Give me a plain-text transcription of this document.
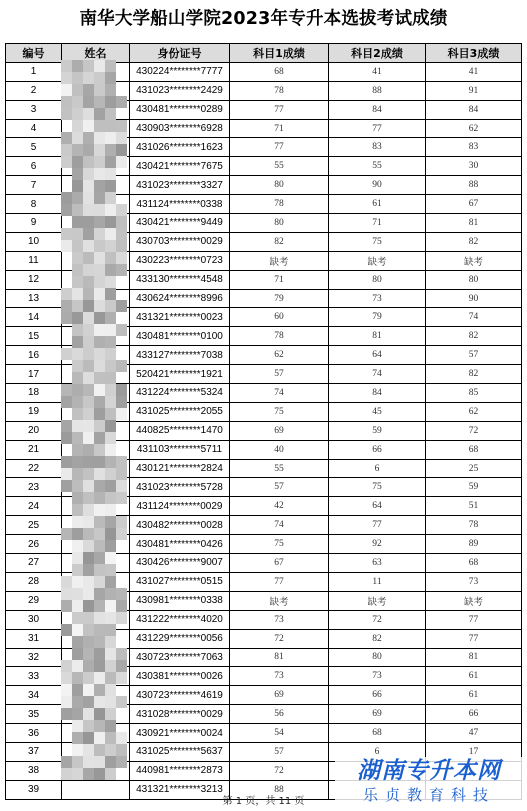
南华大学船山学院2023年专升本选拔考试成绩
编号	姓名	身份证号	科目1成绩	科目2成绩	科目3成绩
1		430224********7777	68	41	41
2		431023********2429	78	88	91
3		430481********0289	77	84	84
4		430903********6928	71	77	62
5		431026********1623	77	83	83
6		430421********7675	55	55	30
7		431023********3327	80	90	88
8		431124********0338	78	61	67
9		430421********9449	80	71	81
10		430703********0029	82	75	82
11		430223********0723	缺考	缺考	缺考
12		433130********4548	71	80	80
13		430624********8996	79	73	90
14		431321********0023	60	79	74
15		430481********0100	78	81	82
16		433127********7038	62	64	57
17		520421********1921	57	74	82
18		431224********5324	74	84	85
19		431025********2055	75	45	62
20		440825********1470	69	59	72
21		431103********5711	40	66	68
22		430121********2824	55	6	25
23		431023********5728	57	75	59
24		431124********0029	42	64	51
25		430482********0028	74	77	78
26		430481********0426	75	92	89
27		430426********9007	67	63	68
28		431027********0515	77	11	73
29		430981********0338	缺考	缺考	缺考
30		431222********4020	73	72	77
31		431229********0056	72	82	77
32		430723********7063	81	80	81
33		430381********0026	73	73	61
34		430723********4619	69	66	61
35		431028********0029	56	69	66
36		430921********0024	54	68	47
37		431025********5637	57	6	17
38		440981********2873	72		
39		431321********3213	88		
第 1 页，共 11 页
湖南专升本网
乐贞教育科技
